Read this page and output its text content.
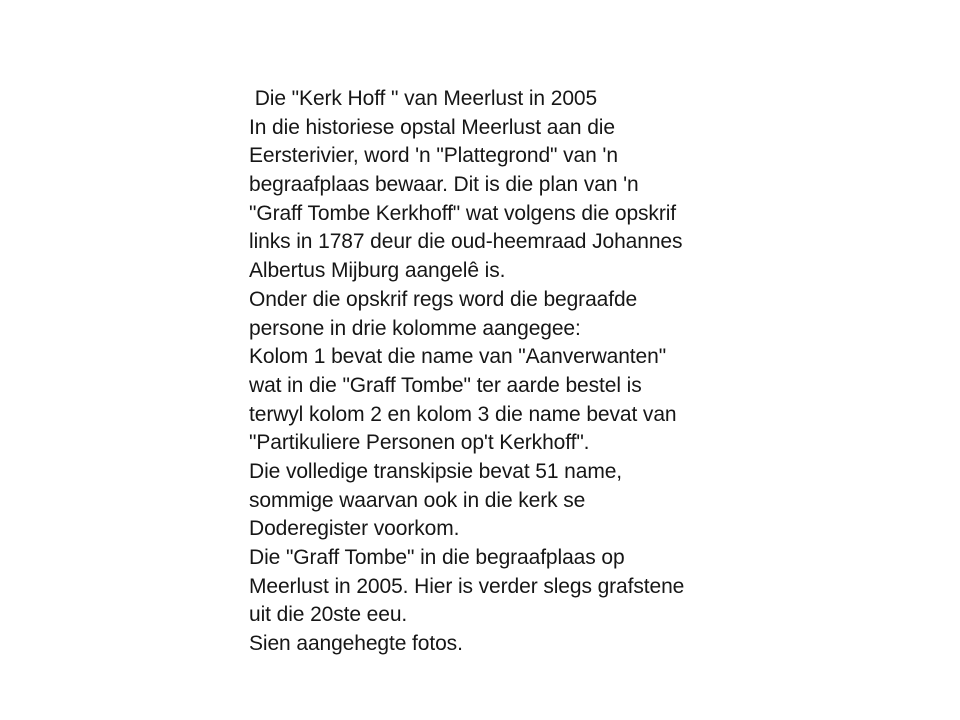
Die "Kerk Hoff " van Meerlust in 2005
In die historiese opstal Meerlust aan die
Eersterivier, word 'n "Plattegrond" van 'n
begraafplaas bewaar. Dit is die plan van 'n
"Graff Tombe Kerkhoff" wat volgens die opskrif
links in 1787 deur die oud-heemraad Johannes
Albertus Mijburg aangelê is.
Onder die opskrif regs word die begraafde
persone in drie kolomme aangegee:
Kolom 1 bevat die name van "Aanverwanten"
wat in die "Graff Tombe" ter aarde bestel is
terwyl kolom 2 en kolom 3 die name bevat van
"Partikuliere Personen op't Kerkhoff".
Die volledige transkipsie bevat 51 name,
sommige waarvan ook in die kerk se
Doderegister voorkom.
Die "Graff Tombe" in die begraafplaas op
Meerlust in 2005. Hier is verder slegs grafstene
uit die 20ste eeu.
Sien aangehegte fotos.
